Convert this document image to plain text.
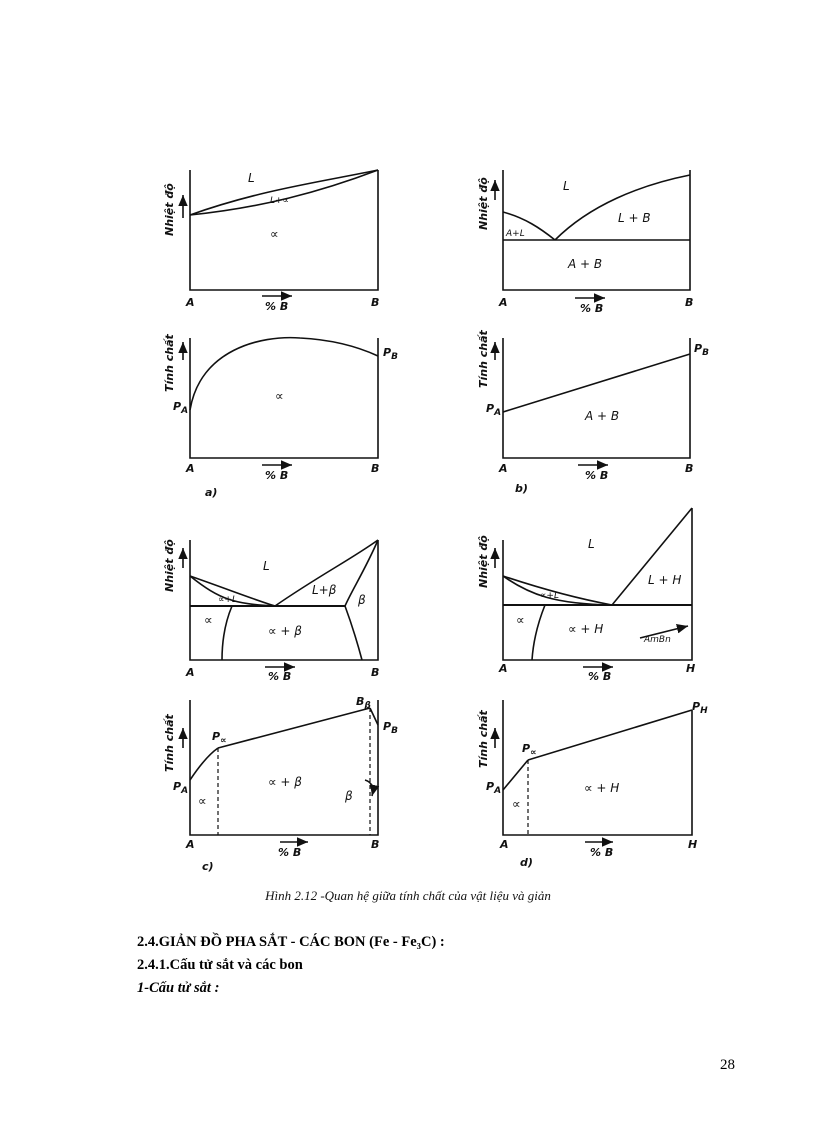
Nhiệt độ
L
L+∝
∝
A	% B	B
Tính chất
$P_A$
$P_B$
∝
A
% B
B
a)
Nhiệt độ	L
A+L
L + B
A + B
A	% B	B
Tính chất
$P_A$
$P_B$
A + B
A
% B
B
b)
Nhiệt độ	L
∝+L
L+β
β
∝
∝ + β
A	% B	B
Tính chất
$P_A$
$P_\propto$
$B_\beta$
$P_B$
∝
∝ + β
β
A
% B
B
c)
Nhiệt độ	L
∝+L
L + H
∝
∝ + H
AmBn
A
% B
H
Tính chất
$P_A$
$P_\propto$
$P_H$
∝
∝ + H
A
% B
H
d)
Hình 2.12 -Quan hệ giữa tính chất của vật liệu và giản

2.4.GIẢN ĐỒ PHA SẮT - CÁC BON (Fe - Fe₃C) :

2.4.1.Cấu tử sắt và các bon

1-Cấu tử sắt :

28
